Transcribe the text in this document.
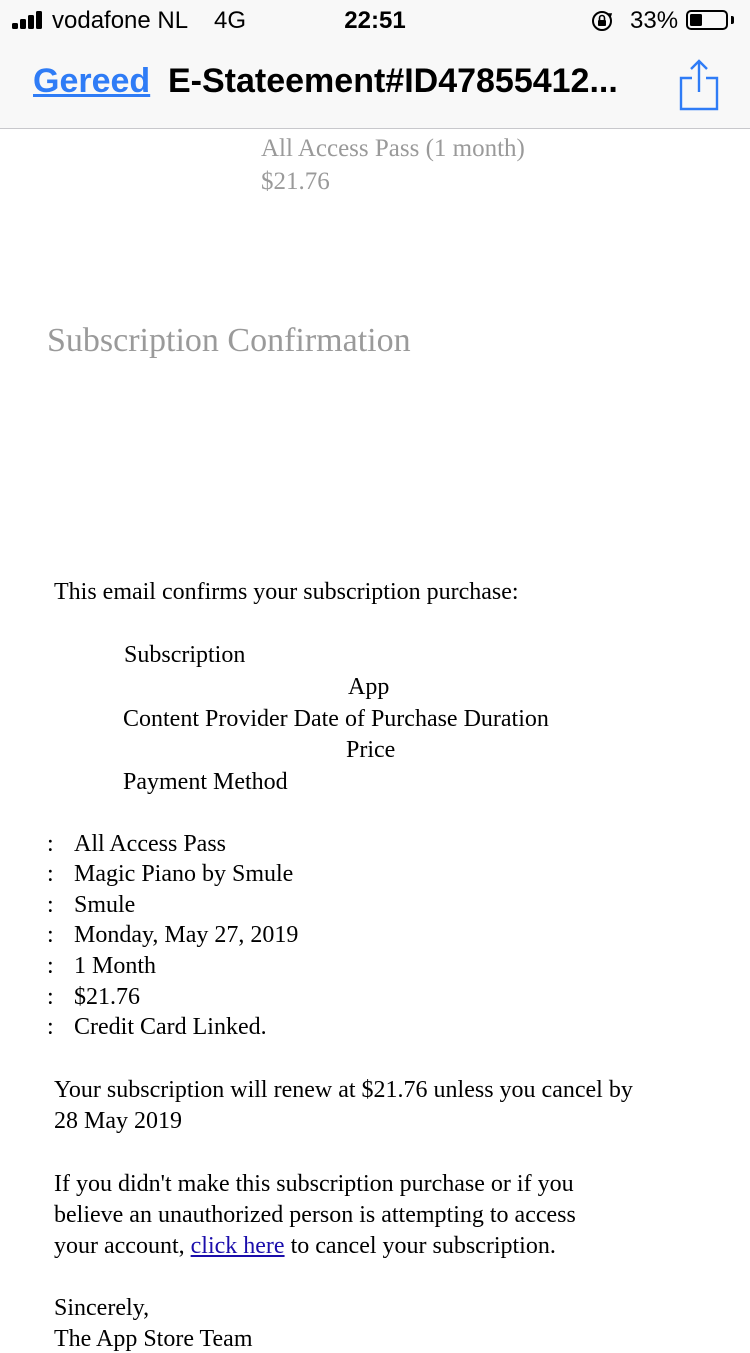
vodafone NL 4G	22:51	33%
Gereed E-Stateement#ID47855412...
All Access Pass (1 month)
$21.76
Subscription Confirmation
This email confirms your subscription purchase:
Subscription
App
Content Provider Date of Purchase Duration
Price
Payment Method
: All Access Pass
: Magic Piano by Smule
: Smule
: Monday, May 27, 2019
: 1 Month
: $21.76
: Credit Card Linked.
Your subscription will renew at $21.76 unless you cancel by
28 May 2019
If you didn't make this subscription purchase or if you
believe an unauthorized person is attempting to access
your account, click here to cancel your subscription.
Sincerely,
The App Store Team
